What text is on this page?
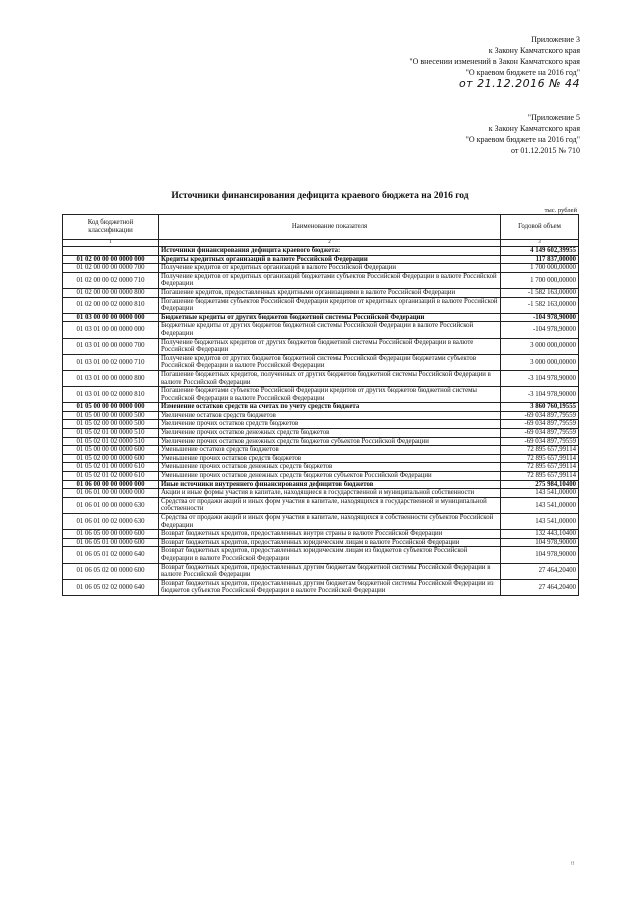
Приложение 3
к Закону Камчатского края
"О внесении изменений в Закон Камчатского края
"О краевом бюджете на 2016 год"
от 21.12.2016 № 44
"Приложение 5
к Закону Камчатского края
"О краевом бюджете на 2016 год"
от 01.12.2015 № 710
Источники финансирования дефицита краевого бюджета на 2016 год
тыс. рублей
Код бюджетной классификации	Наименование показателя	Годовой объем
1	2	3
	Источники финансирования дефицита краевого бюджета:	4 149 602,39955
01 02 00 00 00 0000 000	Кредиты кредитных организаций в валюте Российской Федерации	117 837,00000
01 02 00 00 00 0000 700	Получение кредитов от кредитных организаций в валюте Российской Федерации	1 700 000,00000
01 02 00 00 02 0000 710	Получение кредитов от кредитных организаций бюджетами субъектов Российской Федерации в валюте Российской Федерации	1 700 000,00000
01 02 00 00 00 0000 800	Погашение кредитов, предоставленных кредитными организациями в валюте Российской Федерации	-1 582 163,00000
01 02 00 00 02 0000 810	Погашение бюджетами субъектов Российской Федерации кредитов от кредитных организаций в валюте Российской Федерации	-1 582 163,00000
01 03 00 00 00 0000 000	Бюджетные кредиты от других бюджетов бюджетной системы Российской Федерации	-104 978,90000
01 03 01 00 00 0000 000	Бюджетные кредиты от других бюджетов бюджетной системы Российской Федерации в валюте Российской Федерации	-104 978,90000
01 03 01 00 00 0000 700	Получение бюджетных кредитов от других бюджетов бюджетной системы Российской Федерации в валюте Российской Федерации	3 000 000,00000
01 03 01 00 02 0000 710	Получение кредитов от других бюджетов бюджетной системы Российской Федерации бюджетами субъектов Российской Федерации в валюте Российской Федерации	3 000 000,00000
01 03 01 00 00 0000 800	Погашение бюджетных кредитов, полученных от других бюджетов бюджетной системы Российской Федерации в валюте Российской Федерации	-3 104 978,90000
01 03 01 00 02 0000 810	Погашение бюджетами субъектов Российской Федерации кредитов от других бюджетов бюджетной системы Российской Федерации в валюте Российской Федерации	-3 104 978,90000
01 05 00 00 00 0000 000	Изменение остатков средств на счетах по учету средств бюджета	3 860 760,19555
01 05 00 00 00 0000 500	Увеличение остатков средств бюджетов	-69 034 897,79559
01 05 02 00 00 0000 500	Увеличение прочих остатков средств бюджетов	-69 034 897,79559
01 05 02 01 00 0000 510	Увеличение прочих остатков денежных средств бюджетов	-69 034 897,79559
01 05 02 01 02 0000 510	Увеличение прочих остатков денежных средств бюджетов субъектов Российской Федерации	-69 034 897,79559
01 05 00 00 00 0000 600	Уменьшение остатков средств бюджетов	72 895 657,99114
01 05 02 00 00 0000 600	Уменьшение прочих остатков средств бюджетов	72 895 657,99114
01 05 02 01 00 0000 610	Уменьшение прочих остатков денежных средств бюджетов	72 895 657,99114
01 05 02 01 02 0000 610	Уменьшение прочих остатков денежных средств бюджетов субъектов Российской Федерации	72 895 657,99114
01 06 00 00 00 0000 000	Иные источники внутреннего финансирования дефицитов бюджетов	275 984,10400
01 06 01 00 00 0000 000	Акции и иные формы участия в капитале, находящиеся в государственной и муниципальной собственности	143 541,00000
01 06 01 00 00 0000 630	Средства от продажи акций и иных форм участия в капитале, находящихся в государственной и муниципальной собственности	143 541,00000
01 06 01 00 02 0000 630	Средства от продажи акций и иных форм участия в капитале, находящихся в собственности субъектов Российской Федерации	143 541,00000
01 06 05 00 00 0000 600	Возврат бюджетных кредитов, предоставленных внутри страны в валюте Российской Федерации	132 443,10400
01 06 05 01 00 0000 600	Возврат бюджетных кредитов, предоставленных юридическим лицам в валюте Российской Федерации	104 978,90000
01 06 05 01 02 0000 640	Возврат бюджетных кредитов, предоставленных юридическим лицам из бюджетов субъектов Российской Федерации в валюте Российской Федерации	104 978,90000
01 06 05 02 00 0000 600	Возврат бюджетных кредитов, предоставленных другим бюджетам бюджетной системы Российской Федерации в валюте Российской Федерации	27 464,20400
01 06 05 02 02 0000 640	Возврат бюджетных кредитов, предоставленных другим бюджетам бюджетной системы Российской Федерации из бюджетов субъектов Российской Федерации в валюте Российской Федерации	27 464,20400
!!
